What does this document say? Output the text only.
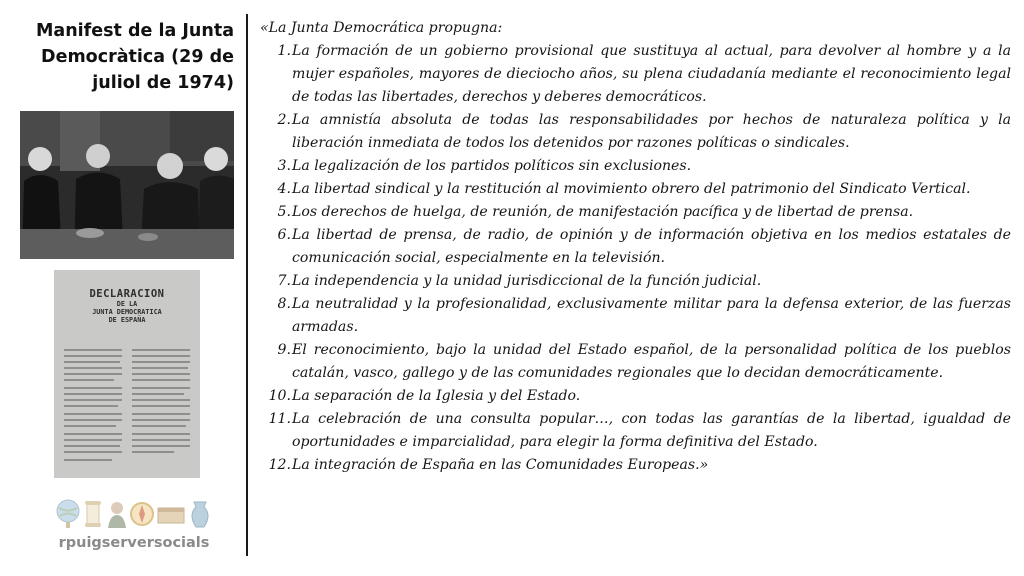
Manifest de la Junta
Democràtica (29 de
juliol de 1974)
DECLARACION
DE LA
JUNTA DEMOCRATICA
DE ESPAÑA
rpuigserversocials

«La Junta Democrática propugna:

1. La formación de un gobierno provisional que sustituya al actual, para devolver al hombre y a la mujer españoles, mayores de dieciocho años, su plena ciudadanía mediante el reconocimiento legal de todas las libertades, derechos y deberes democráticos.
2. La amnistía absoluta de todas las responsabilidades por hechos de naturaleza política y la liberación inmediata de todos los detenidos por razones políticas o sindicales.
3. La legalización de los partidos políticos sin exclusiones.
4. La libertad sindical y la restitución al movimiento obrero del patrimonio del Sindicato Vertical.
5. Los derechos de huelga, de reunión, de manifestación pacífica y de libertad de prensa.
6. La libertad de prensa, de radio, de opinión y de información objetiva en los medios estatales de comunicación social, especialmente en la televisión.
7. La independencia y la unidad jurisdiccional de la función judicial.
8. La neutralidad y la profesionalidad, exclusivamente militar para la defensa exterior, de las fuerzas armadas.
9. El reconocimiento, bajo la unidad del Estado español, de la personalidad política de los pueblos catalán, vasco, gallego y de las comunidades regionales que lo decidan democráticamente.
10. La separación de la Iglesia y del Estado.
11. La celebración de una consulta popular…, con todas las garantías de la libertad, igualdad de oportunidades e imparcialidad, para elegir la forma definitiva del Estado.
12. La integración de España en las Comunidades Europeas.»
